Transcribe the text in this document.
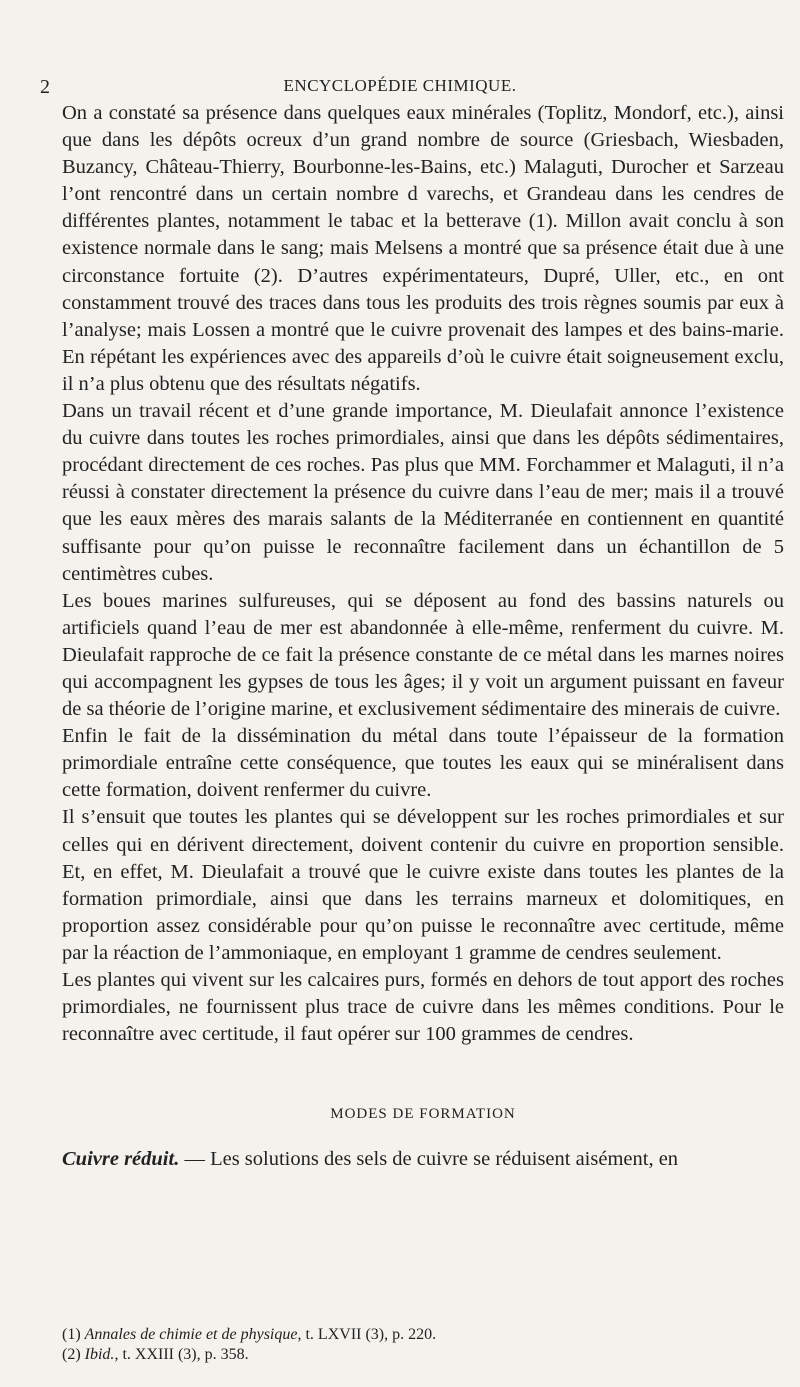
2	ENCYCLOPÉDIE CHIMIQUE.

On a constaté sa présence dans quelques eaux minérales (Toplitz, Mondorf, etc.), ainsi que dans les dépôts ocreux d’un grand nombre de source (Griesbach, Wiesbaden, Buzancy, Château-Thierry, Bourbonne-les-Bains, etc.) Malaguti, Durocher et Sarzeau l’ont rencontré dans un certain nombre d varechs, et Grandeau dans les cendres de différentes plantes, notamment le tabac et la betterave (1). Millon avait conclu à son existence normale dans le sang; mais Melsens a montré que sa présence était due à une circonstance fortuite (2). D’autres expérimentateurs, Dupré, Uller, etc., en ont constamment trouvé des traces dans tous les produits des trois règnes soumis par eux à l’analyse; mais Lossen a montré que le cuivre provenait des lampes et des bains-marie. En répétant les expériences avec des appareils d’où le cuivre était soigneusement exclu, il n’a plus obtenu que des résultats négatifs.

Dans un travail récent et d’une grande importance, M. Dieulafait annonce l’existence du cuivre dans toutes les roches primordiales, ainsi que dans les dépôts sédimentaires, procédant directement de ces roches. Pas plus que MM. Forchammer et Malaguti, il n’a réussi à constater directement la présence du cuivre dans l’eau de mer; mais il a trouvé que les eaux mères des marais salants de la Méditerranée en contiennent en quantité suffisante pour qu’on puisse le reconnaître facilement dans un échantillon de 5 centimètres cubes.

Les boues marines sulfureuses, qui se déposent au fond des bassins naturels ou artificiels quand l’eau de mer est abandonnée à elle-même, renferment du cuivre. M. Dieulafait rapproche de ce fait la présence constante de ce métal dans les marnes noires qui accompagnent les gypses de tous les âges; il y voit un argument puissant en faveur de sa théorie de l’origine marine, et exclusivement sédimentaire des minerais de cuivre.

Enfin le fait de la dissémination du métal dans toute l’épaisseur de la formation primordiale entraîne cette conséquence, que toutes les eaux qui se minéralisent dans cette formation, doivent renfermer du cuivre.

Il s’ensuit que toutes les plantes qui se développent sur les roches primordiales et sur celles qui en dérivent directement, doivent contenir du cuivre en proportion sensible. Et, en effet, M. Dieulafait a trouvé que le cuivre existe dans toutes les plantes de la formation primordiale, ainsi que dans les terrains marneux et dolomitiques, en proportion assez considérable pour qu’on puisse le reconnaître avec certitude, même par la réaction de l’ammoniaque, en employant 1 gramme de cendres seulement.

Les plantes qui vivent sur les calcaires purs, formés en dehors de tout apport des roches primordiales, ne fournissent plus trace de cuivre dans les mêmes conditions. Pour le reconnaître avec certitude, il faut opérer sur 100 grammes de cendres.

MODES DE FORMATION

Cuivre réduit. — Les solutions des sels de cuivre se réduisent aisément, en

(1) Annales de chimie et de physique, t. LXVII (3), p. 220.
(2) Ibid., t. XXIII (3), p. 358.
